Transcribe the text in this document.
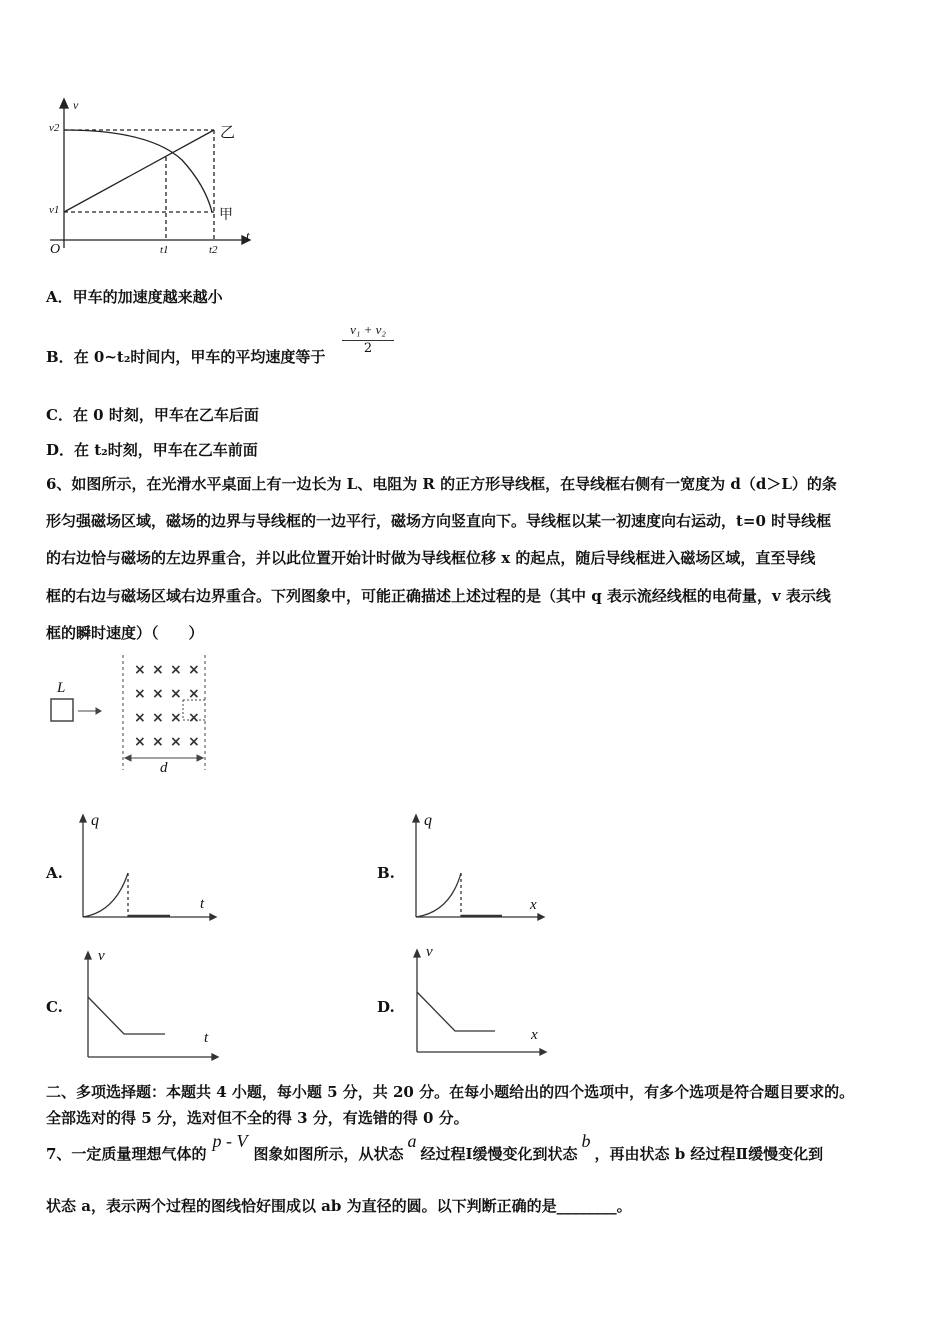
× × × ×
× × × ×
× × × ×
× × × ×
v
t
O
v2
v1
t1	t2
乙
甲
A．甲车的加速度越来越小
B．在 0~t₂时间内，甲车的平均速度等于
$\frac{\text{v₁ + v₂}}{2}$
C．在 0 时刻，甲车在乙车后面
D．在 t₂时刻，甲车在乙车前面
6、如图所示，在光滑水平桌面上有一边长为 L、电阻为 R 的正方形导线框，在导线框右侧有一宽度为 d（d＞L）的条
形匀强磁场区域，磁场的边界与导线框的一边平行，磁场方向竖直向下。导线框以某一初速度向右运动，t=0 时导线框
的右边恰与磁场的左边界重合，并以此位置开始计时做为导线框位移 x 的起点，随后导线框进入磁场区域，直至导线
框的右边与磁场区域右边界重合。下列图象中，可能正确描述上述过程的是（其中 q 表示流经线框的电荷量，v 表示线
框的瞬时速度）（　　）
L
d
A.
q
t
B.
q
x
C.
v
t
D.
v
x
二、多项选择题：本题共 4 小题，每小题 5 分，共 20 分。在每小题给出的四个选项中，有多个选项是符合题目要求的。
全部选对的得 5 分，选对但不全的得 3 分，有选错的得 0 分。
7、一定质量理想气体的p - V图象如图所示，从状态a经过程Ⅰ缓慢变化到状态b，再由状态 b 经过程Ⅱ缓慢变化到
状态 a，表示两个过程的图线恰好围成以 ab 为直径的圆。以下判断正确的是________。
